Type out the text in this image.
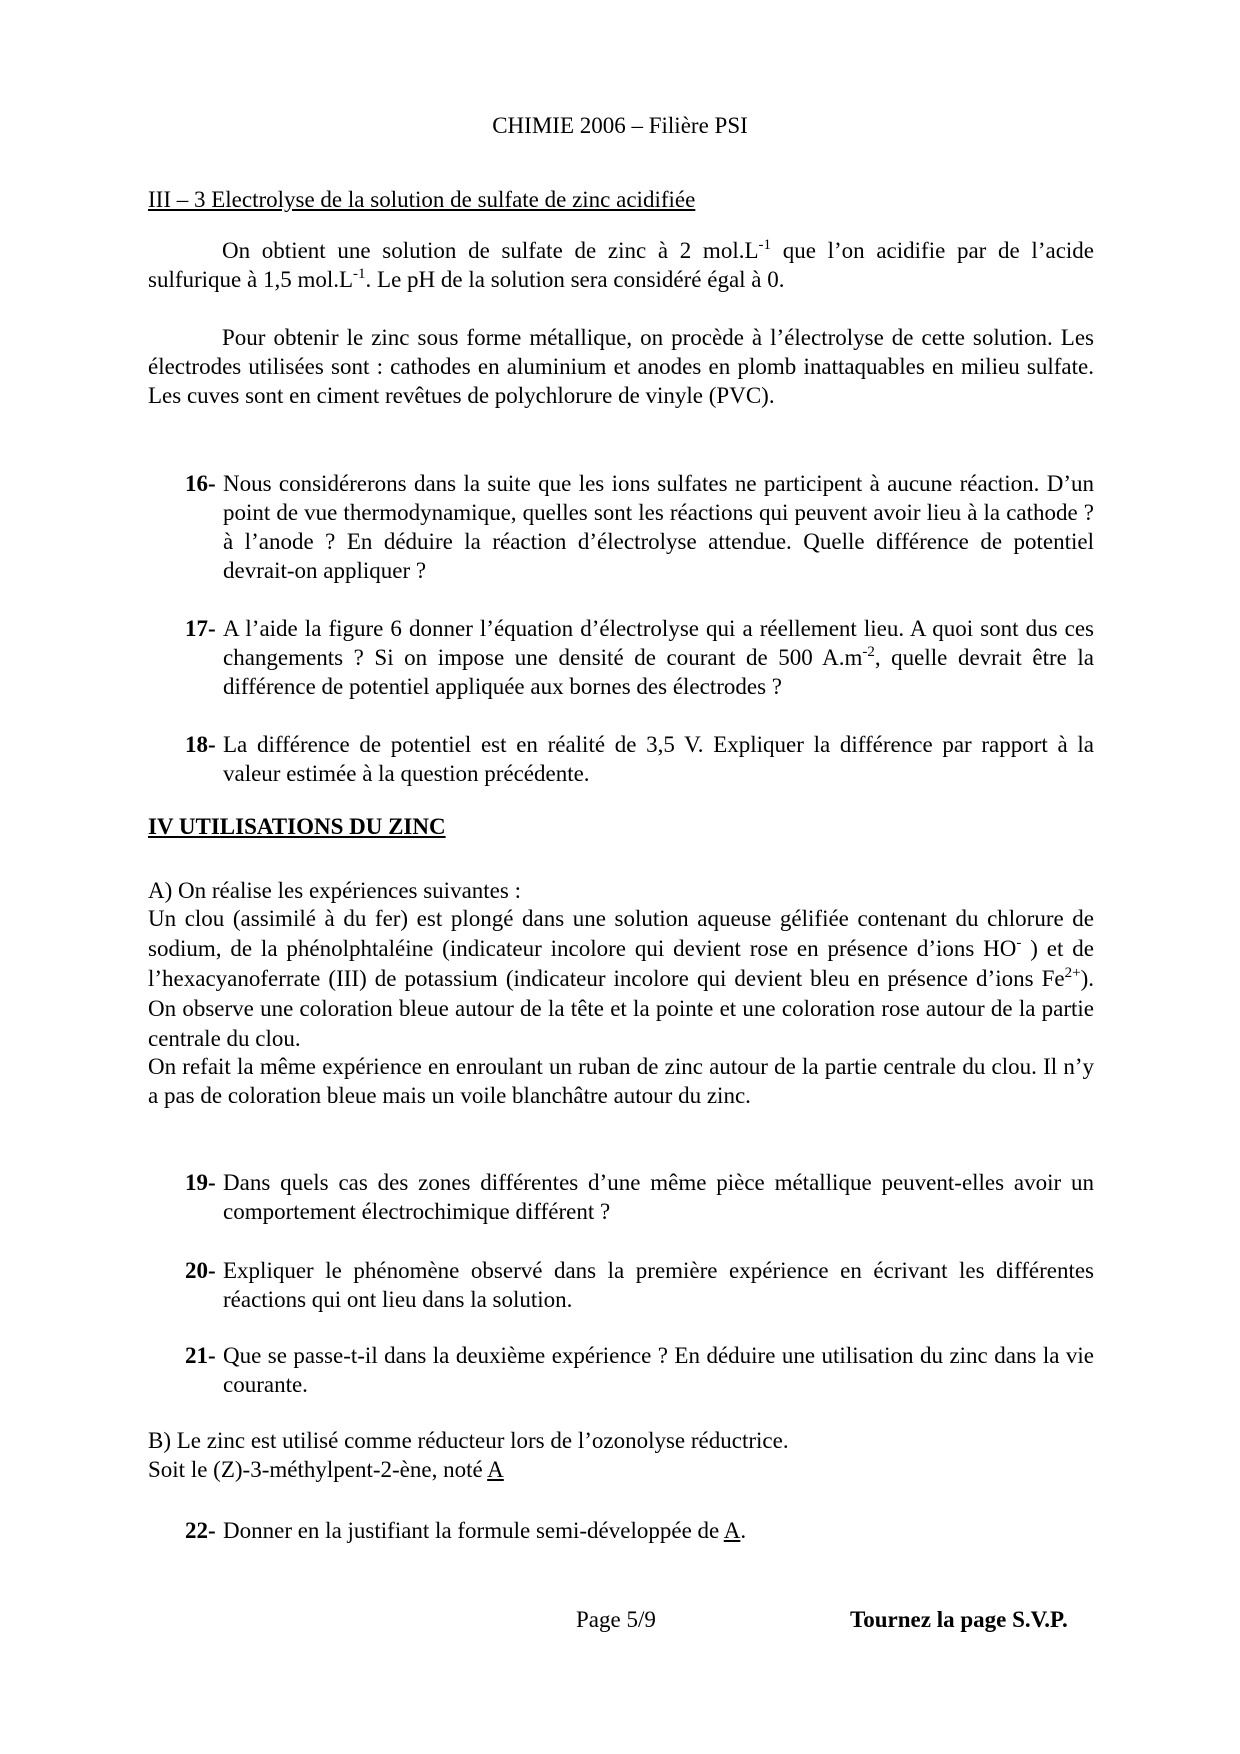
CHIMIE 2006 – Filière PSI
III – 3 Electrolyse de la solution de sulfate de zinc acidifiée
On obtient une solution de sulfate de zinc à 2 $mol.L^{-1}$ que l’on acidifie par de l’acide sulfurique à 1,5 $mol.L^{-1}$. Le pH de la solution sera considéré égal à 0.
Pour obtenir le zinc sous forme métallique, on procède à l’électrolyse de cette solution. Les électrodes utilisées sont : cathodes en aluminium et anodes en plomb inattaquables en milieu sulfate. Les cuves sont en ciment revêtues de polychlorure de vinyle (PVC).
16- Nous considérerons dans la suite que les ions sulfates ne participent à aucune réaction. D’un point de vue thermodynamique, quelles sont les réactions qui peuvent avoir lieu à la cathode ? à l’anode ? En déduire la réaction d’électrolyse attendue. Quelle différence de potentiel devrait-on appliquer ?
17- A l’aide la figure 6 donner l’équation d’électrolyse qui a réellement lieu. A quoi sont dus ces changements ? Si on impose une densité de courant de 500 $A.m^{-2}$, quelle devrait être la différence de potentiel appliquée aux bornes des électrodes ?
18- La différence de potentiel est en réalité de 3,5 V. Expliquer la différence par rapport à la valeur estimée à la question précédente.
IV UTILISATIONS DU ZINC
A) On réalise les expériences suivantes :
Un clou (assimilé à du fer) est plongé dans une solution aqueuse gélifiée contenant du chlorure de sodium, de la phénolphtaléine (indicateur incolore qui devient rose en présence d’ions HO- ) et de l’hexacyanoferrate (III) de potassium (indicateur incolore qui devient bleu en présence d’ions $Fe^{2+}$). On observe une coloration bleue autour de la tête et la pointe et une coloration rose autour de la partie centrale du clou.
On refait la même expérience en enroulant un ruban de zinc autour de la partie centrale du clou. Il n’y a pas de coloration bleue mais un voile blanchâtre autour du zinc.
19- Dans quels cas des zones différentes d’une même pièce métallique peuvent-elles avoir un comportement électrochimique différent ?
20- Expliquer le phénomène observé dans la première expérience en écrivant les différentes réactions qui ont lieu dans la solution.
21- Que se passe-t-il dans la deuxième expérience ? En déduire une utilisation du zinc dans la vie courante.
B) Le zinc est utilisé comme réducteur lors de l’ozonolyse réductrice.
Soit le (Z)-3-méthylpent-2-ène, noté A
22- Donner en la justifiant la formule semi-développée de A.
Page 5/9	Tournez la page S.V.P.
